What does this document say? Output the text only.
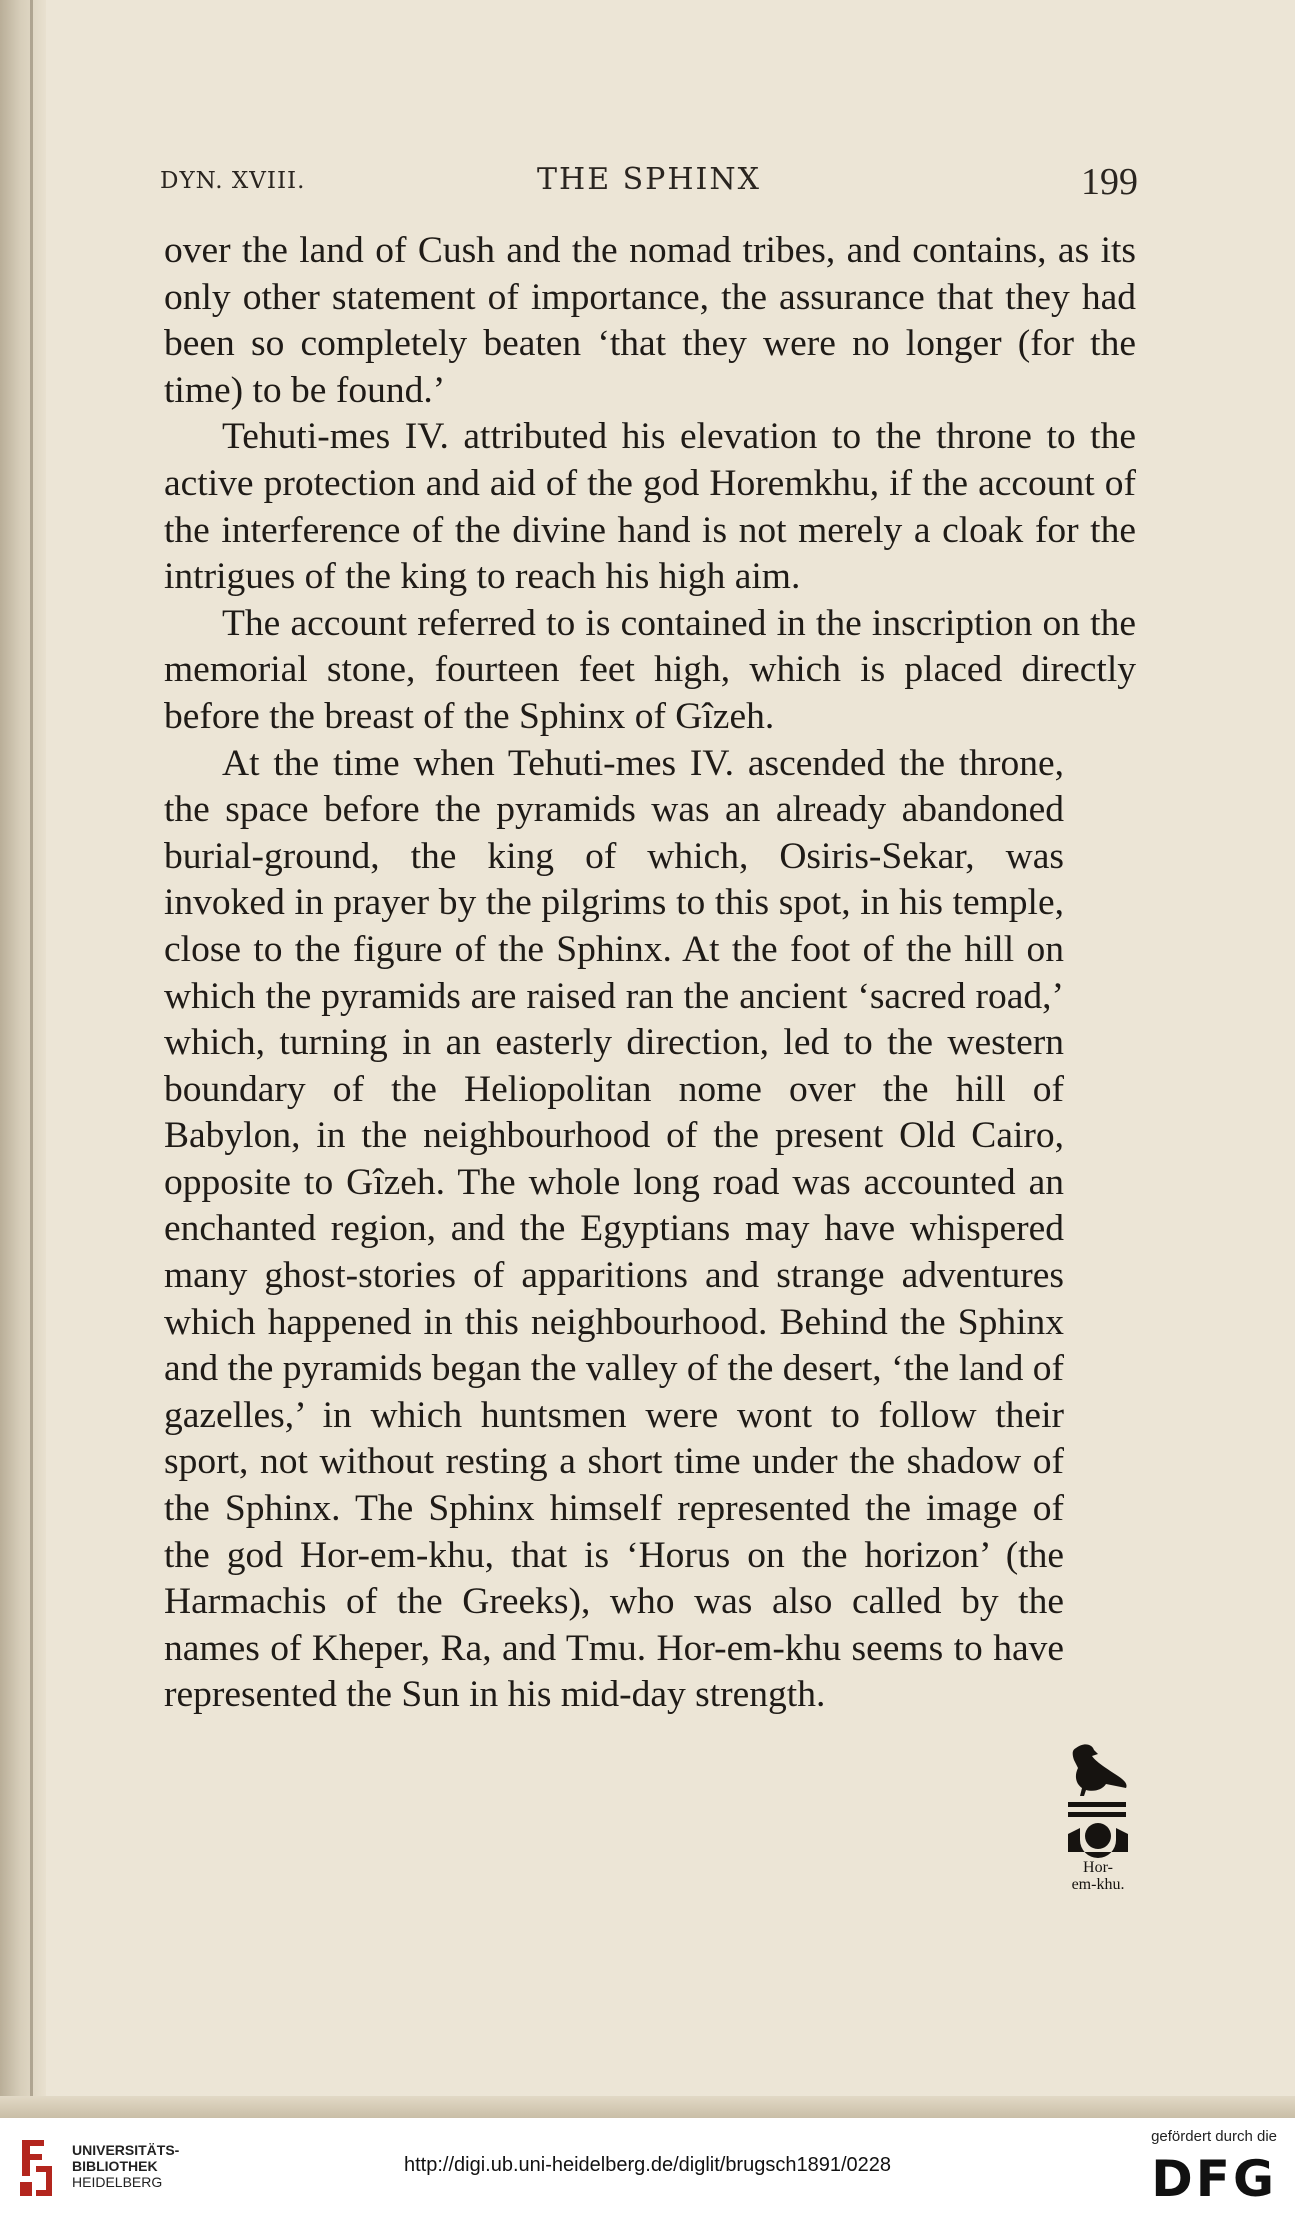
DYN. XVIII.	THE SPHINX	199

over the land of Cush and the nomad tribes, and contains, as its only other statement of importance, the assurance that they had been so completely beaten ‘that they were no longer (for the time) to be found.’

Tehuti-mes IV. attributed his elevation to the throne to the active protection and aid of the god Horemkhu, if the account of the interference of the divine hand is not merely a cloak for the intrigues of the king to reach his high aim.

The account referred to is contained in the inscription on the memorial stone, fourteen feet high, which is placed directly before the breast of the Sphinx of Gîzeh.

At the time when Tehuti-mes IV. ascended the throne, the space before the pyramids was an already abandoned burial-ground, the king of which, Osiris-Sekar, was invoked in prayer by the pilgrims to this spot, in his temple, close to the figure of the Sphinx. At the foot of the hill on which the pyramids are raised ran the ancient ‘sacred road,’ which, turning in an easterly direction, led to the western boundary of the Heliopolitan nome over the hill of Babylon, in the neighbourhood of the present Old Cairo, opposite to Gîzeh. The whole long road was accounted an enchanted region, and the Egyptians may have whispered many ghost-stories of apparitions and strange adventures which happened in this neighbourhood. Behind the Sphinx and the pyramids began the valley of the desert, ‘the land of gazelles,’ in which huntsmen were wont to follow their sport, not without resting a short time under the shadow of the Sphinx. The Sphinx himself represented the image of the god Hor-em-khu, that is ‘Horus on the horizon’ (the Harmachis of the Greeks), who was also called by the names of Kheper, Ra, and Tmu. Hor-em-khu seems to have represented the Sun in his mid-day strength.

Hor-
em-khu.
UNIVERSITÄTS-
BIBLIOTHEK
HEIDELBERG
http://digi.ub.uni-heidelberg.de/diglit/brugsch1891/0228
gefördert durch die
DFG
